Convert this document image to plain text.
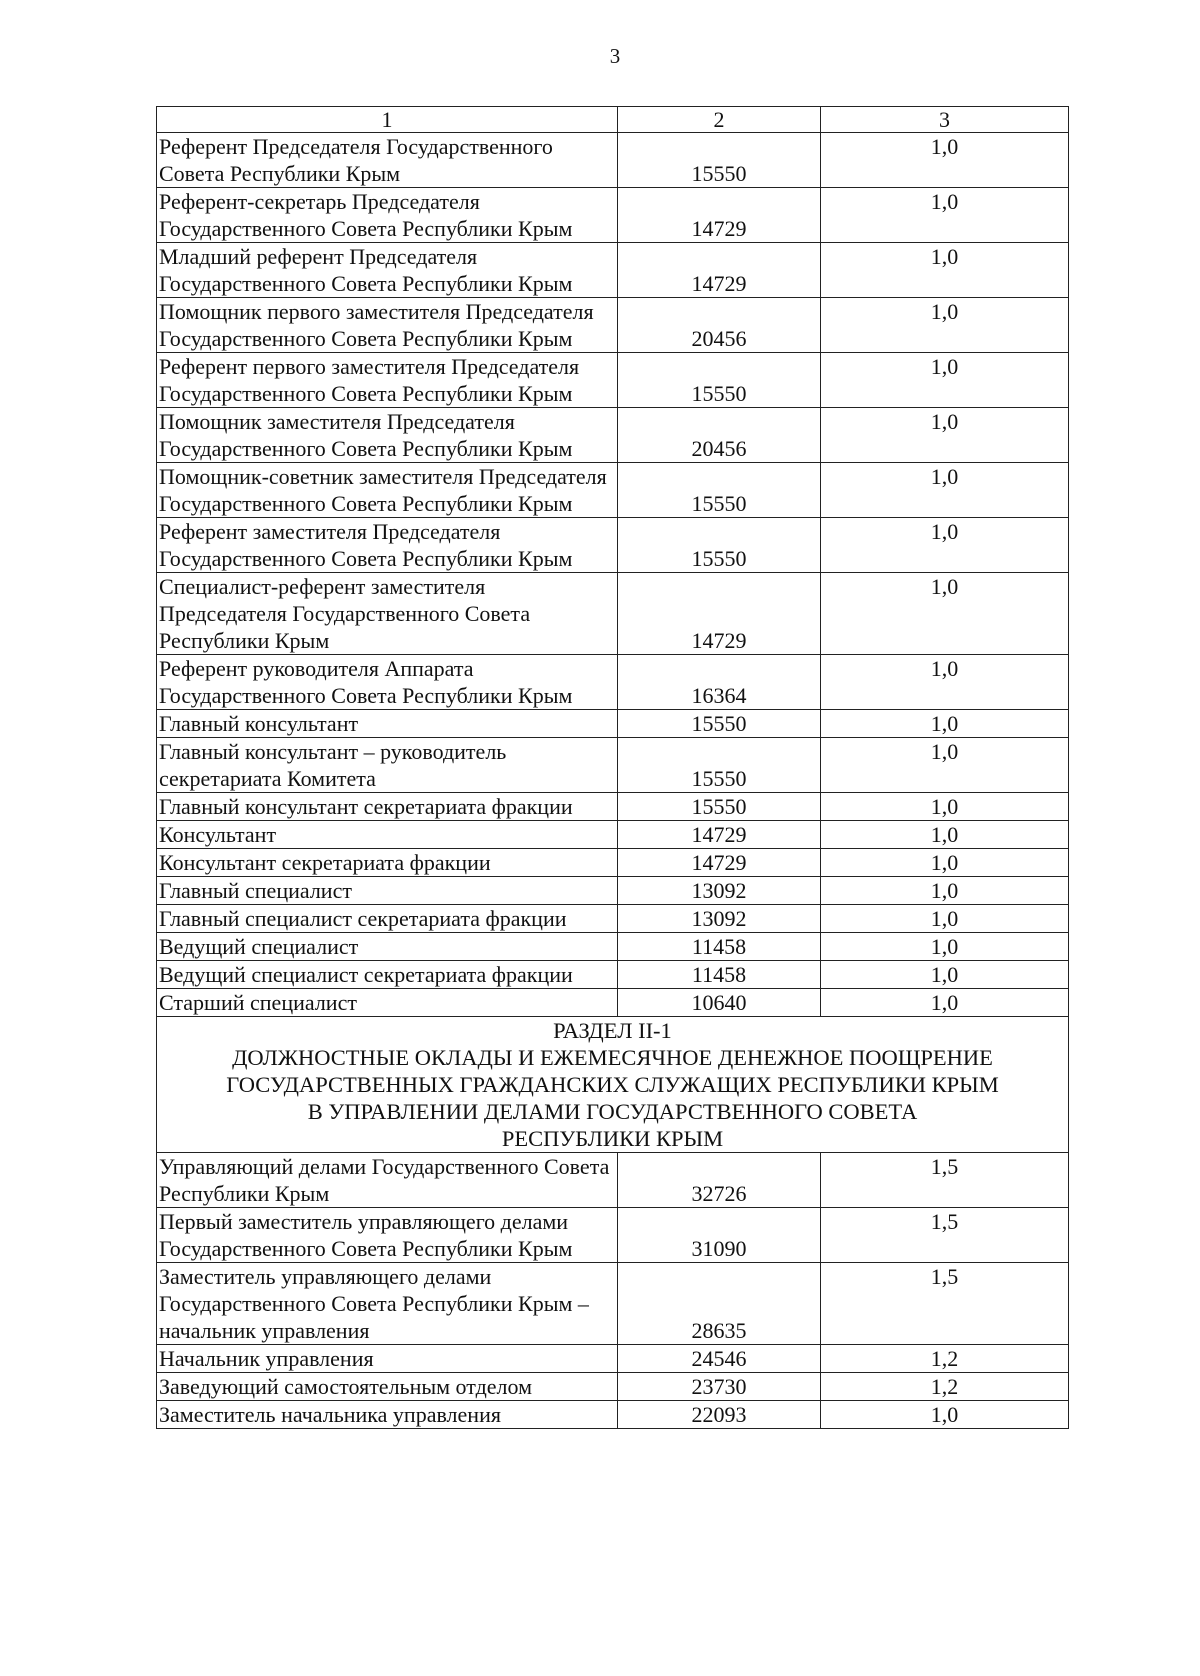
3
1	2	3
Референт Председателя Государственного Совета Республики Крым	15550	1,0
Референт-секретарь Председателя Государственного Совета Республики Крым	14729	1,0
Младший референт Председателя Государственного Совета Республики Крым	14729	1,0
Помощник первого заместителя Председателя Государственного Совета Республики Крым	20456	1,0
Референт первого заместителя Председателя Государственного Совета Республики Крым	15550	1,0
Помощник заместителя Председателя Государственного Совета Республики Крым	20456	1,0
Помощник-советник заместителя Председателя Государственного Совета Республики Крым	15550	1,0
Референт заместителя Председателя Государственного Совета Республики Крым	15550	1,0
Специалист-референт заместителя Председателя Государственного Совета Республики Крым	14729	1,0
Референт руководителя Аппарата Государственного Совета Республики Крым	16364	1,0
Главный консультант	15550	1,0
Главный консультант – руководитель секретариата Комитета	15550	1,0
Главный консультант секретариата фракции	15550	1,0
Консультант	14729	1,0
Консультант секретариата фракции	14729	1,0
Главный специалист	13092	1,0
Главный специалист секретариата фракции	13092	1,0
Ведущий специалист	11458	1,0
Ведущий специалист секретариата фракции	11458	1,0
Старший специалист	10640	1,0

РАЗДЕЛ II-1
ДОЛЖНОСТНЫЕ ОКЛАДЫ И ЕЖЕМЕСЯЧНОЕ ДЕНЕЖНОЕ ПООЩРЕНИЕ
ГОСУДАРСТВЕННЫХ ГРАЖДАНСКИХ СЛУЖАЩИХ РЕСПУБЛИКИ КРЫМ
В УПРАВЛЕНИИ ДЕЛАМИ ГОСУДАРСТВЕННОГО СОВЕТА
РЕСПУБЛИКИ КРЫМ		

Управляющий делами Государственного Совета Республики Крым	32726	1,5
Первый заместитель управляющего делами Государственного Совета Республики Крым	31090	1,5
Заместитель управляющего делами Государственного Совета Республики Крым – начальник управления	28635	1,5
Начальник управления	24546	1,2
Заведующий самостоятельным отделом	23730	1,2
Заместитель начальника управления	22093	1,0
